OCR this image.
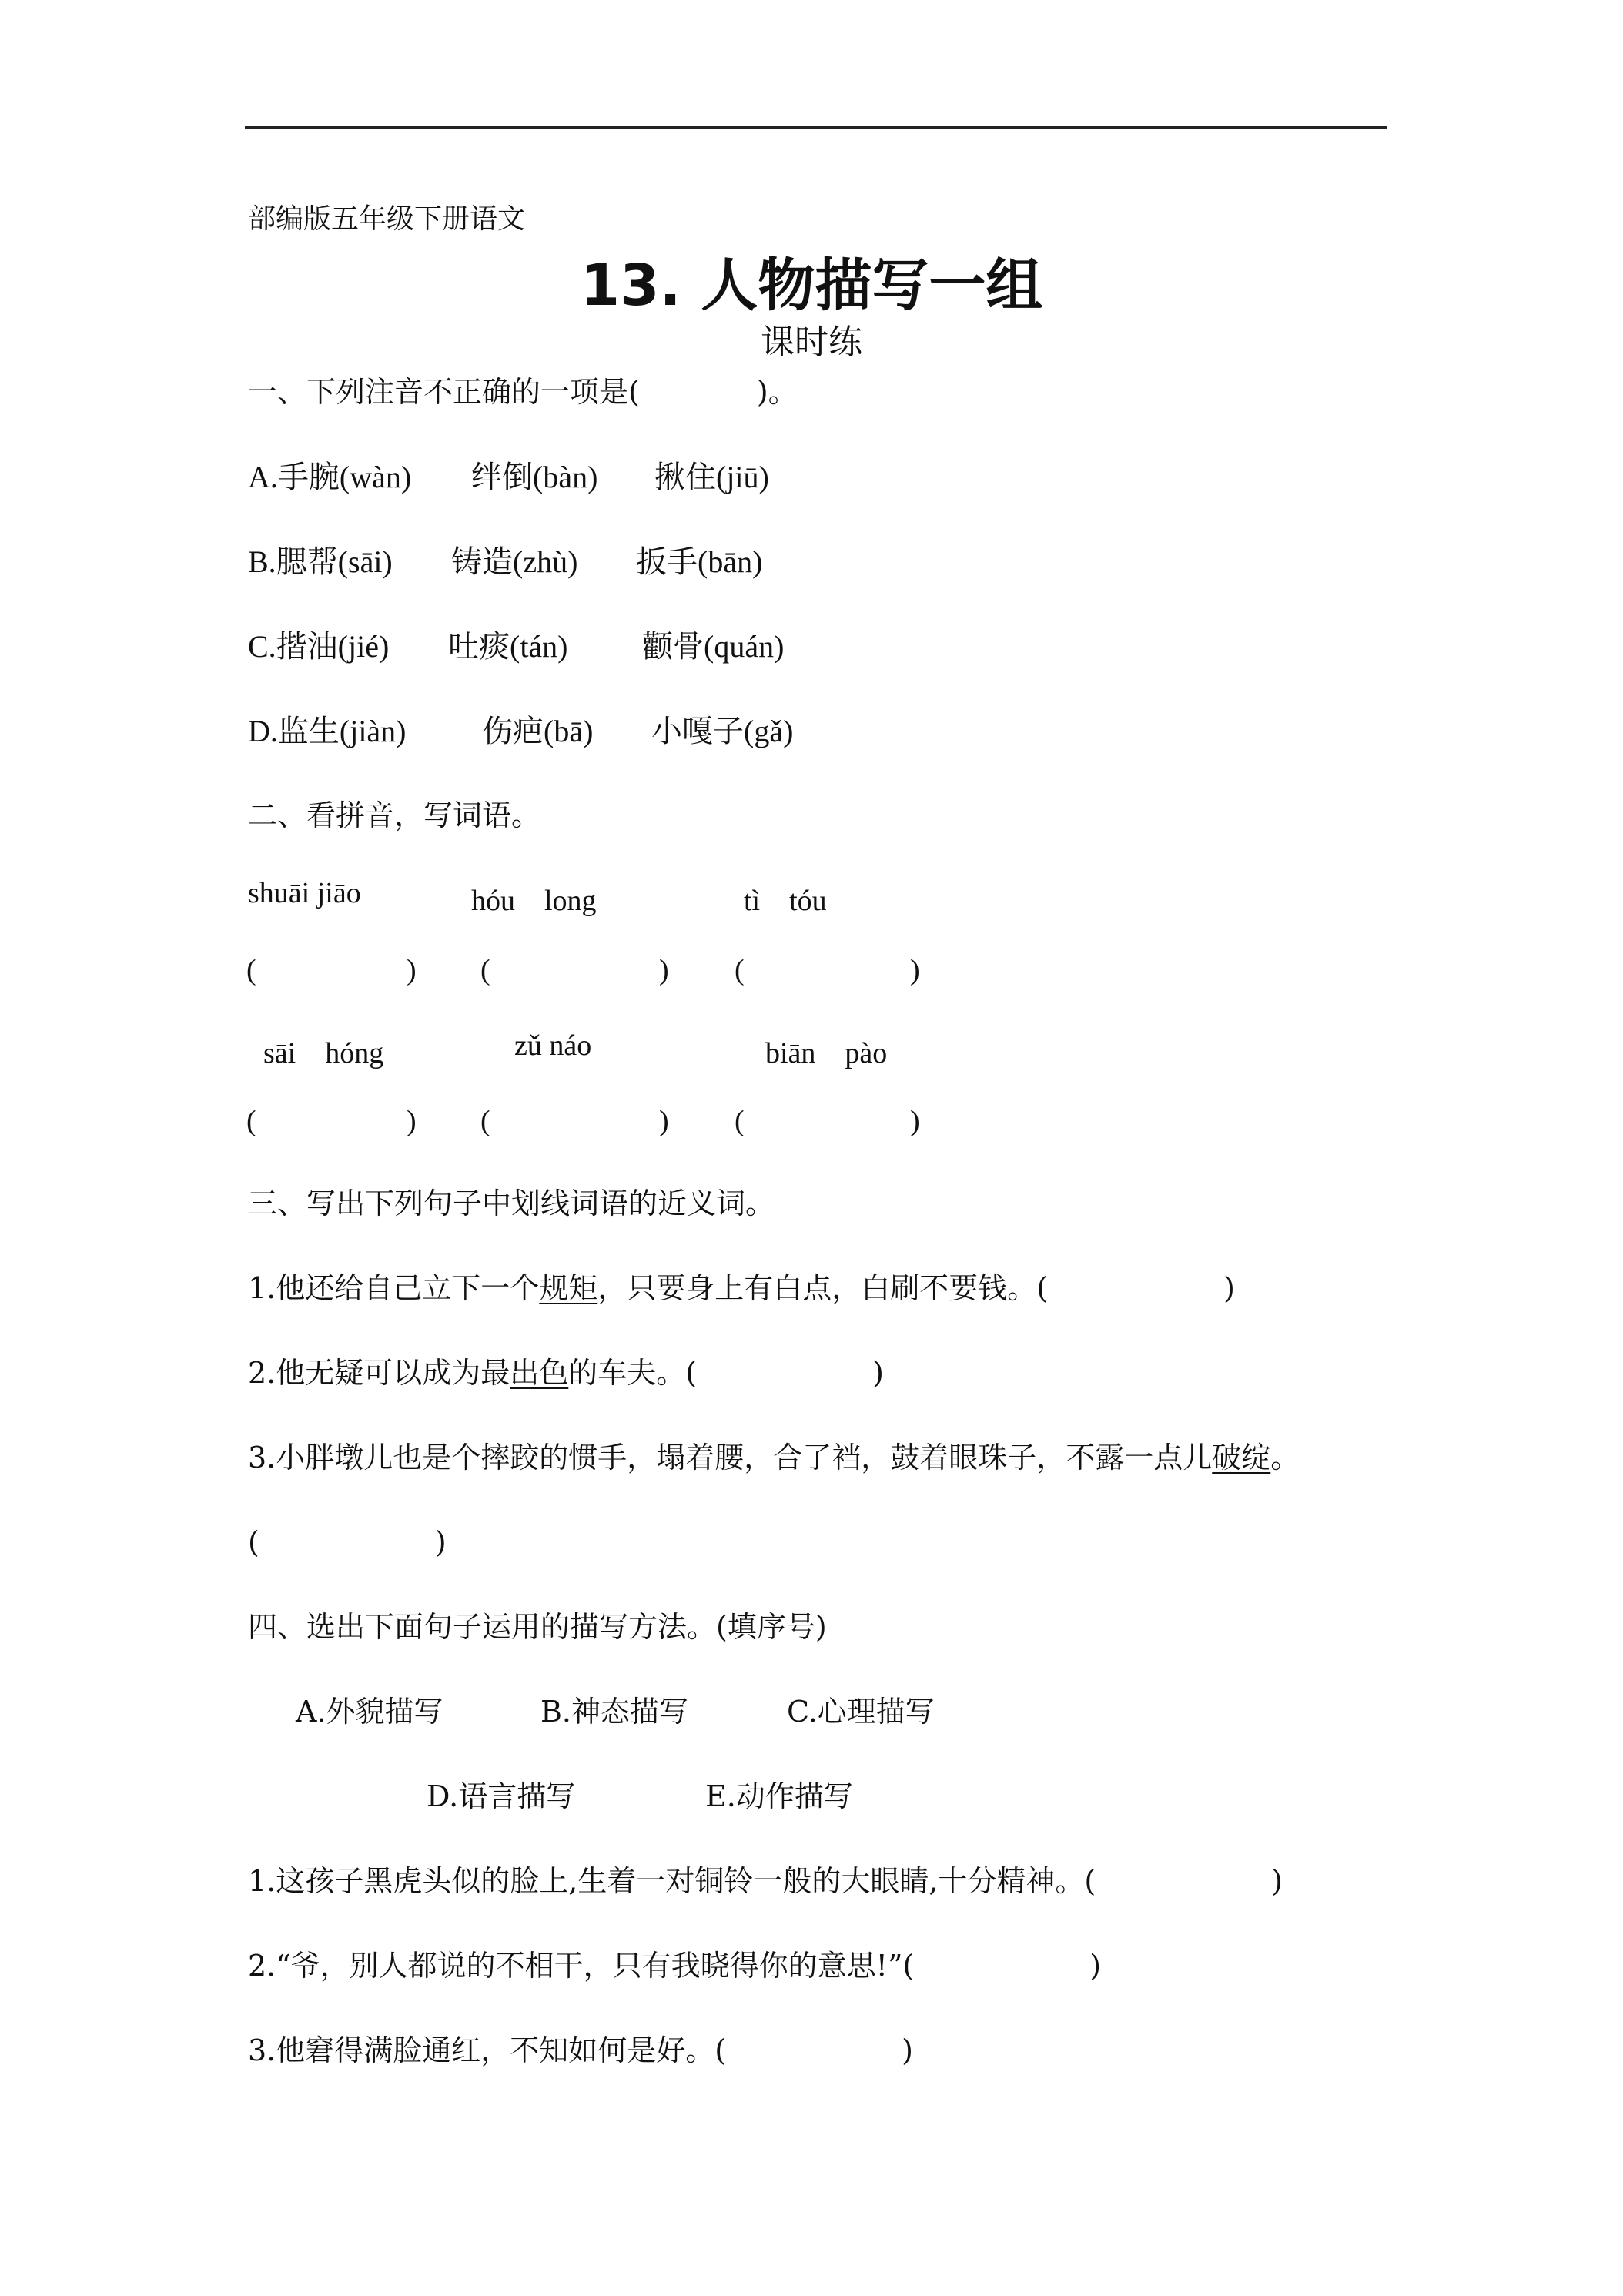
部编版五年级下册语文
13. 人物描写一组
课时练
一、下列注音不正确的一项是(　　　　)。
A.手腕(wàn) 绊倒(bàn) 揪住(jiū)
B.腮帮(sāi) 铸造(zhù) 扳手(bān)
C.揩油(jié) 吐痰(tán) 颧骨(quán)
D.监生(jiàn) 伤疤(bā) 小嘎子(gǎ)
二、看拼音，写词语。
shuāi jiāo	hóu　long	tì　tóu
(	) (	) (	)
sāi　hóng	zǔ náo	biān　pào
(	) (	) (	)
三、写出下列句子中划线词语的近义词。
1.他还给自己立下一个规矩，只要身上有白点，白刷不要钱。(　　　　　　)
2.他无疑可以成为最出色的车夫。(　　　　　　)
3.小胖墩儿也是个摔跤的惯手，塌着腰，合了裆，鼓着眼珠子，不露一点儿破绽。
(　　　　　　)
四、选出下面句子运用的描写方法。(填序号)
A.外貌描写	B.神态描写	C.心理描写
D.语言描写	E.动作描写
1.这孩子黑虎头似的脸上,生着一对铜铃一般的大眼睛,十分精神。(　　　　　　)
2.“爷，别人都说的不相干，只有我晓得你的意思!”(　　　　　　)
3.他窘得满脸通红，不知如何是好。(　　　　　　)
